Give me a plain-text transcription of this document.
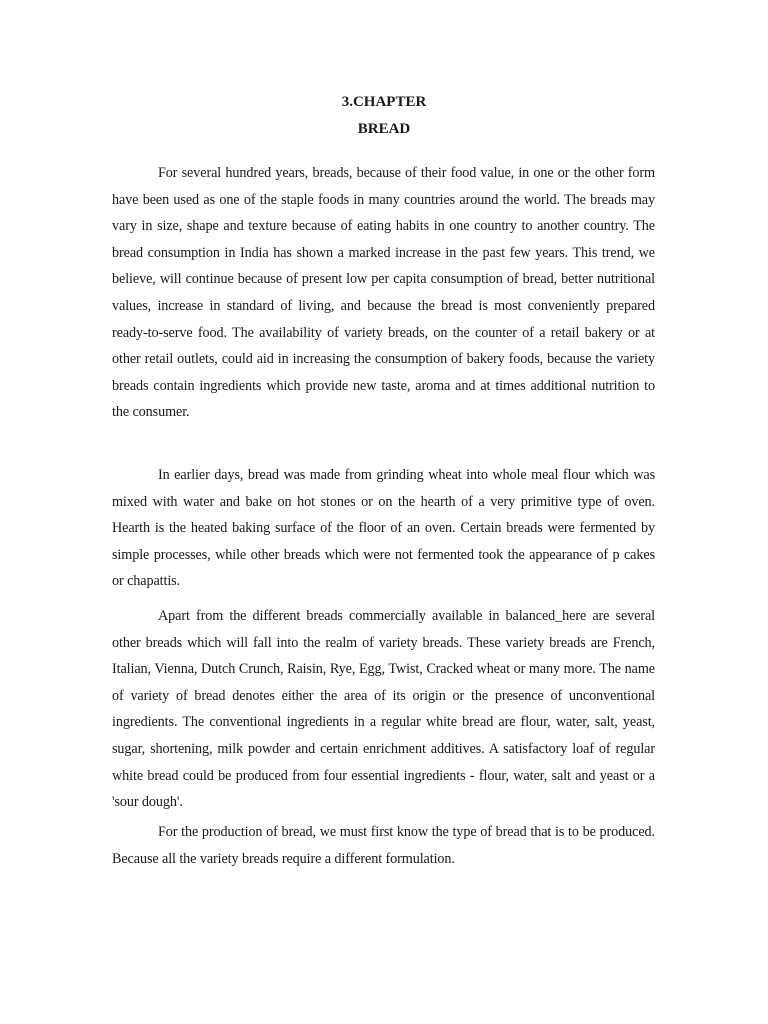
3.CHAPTER
BREAD

For several hundred years, breads, because of their food value, in one or the other form have been used as one of the staple foods in many countries around the world. The breads may vary in size, shape and texture because of eating habits in one country to another country. The bread consumption in India has shown a marked increase in the past few years. This trend, we believe, will continue because of present low per capita consumption of bread, better nutritional values, increase in standard of living, and because the bread is most conveniently prepared ready-to-serve food. The availability of variety breads, on the counter of a retail bakery or at other retail outlets, could aid in increasing the consumption of bakery foods, because the variety breads contain ingredients which provide new taste, aroma and at times additional nutrition to the consumer.

In earlier days, bread was made from grinding wheat into whole meal flour which was mixed with water and bake on hot stones or on the hearth of a very primitive type of oven. Hearth is the heated baking surface of the floor of an oven. Certain breads were fermented by simple processes, while other breads which were not fermented took the appearance of p cakes or chapattis.

Apart from the different breads commercially available in balanced_here are several other breads which will fall into the realm of variety breads. These variety breads are French, Italian, Vienna, Dutch Crunch, Raisin, Rye, Egg, Twist, Cracked wheat or many more. The name of variety of bread denotes either the area of its origin or the presence of unconventional ingredients. The conventional ingredients in a regular white bread are flour, water, salt, yeast, sugar, shortening, milk powder and certain enrichment additives. A satisfactory loaf of regular white bread could be produced from four essential ingredients - flour, water, salt and yeast or a 'sour dough'.

For the production of bread, we must first know the type of bread that is to be produced. Because all the variety breads require a different formulation.
